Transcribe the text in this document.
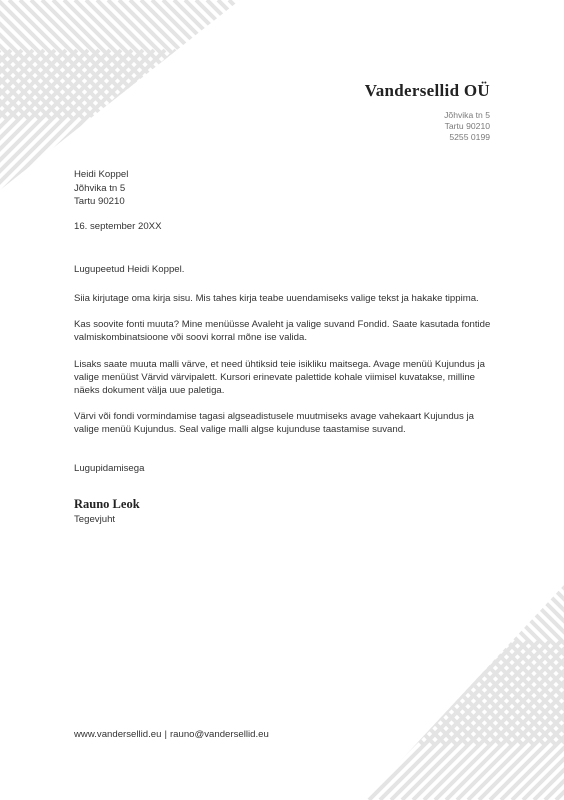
Vandersellid OÜ
Jõhvika tn 5
Tartu 90210
5255 0199
Heidi Koppel
Jõhvika tn 5
Tartu 90210
16. september 20XX
Lugupeetud Heidi Koppel.

Siia kirjutage oma kirja sisu. Mis tahes kirja teabe uuendamiseks valige tekst ja hakake tippima.

Kas soovite fonti muuta? Mine menüüsse Avaleht ja valige suvand Fondid. Saate kasutada fontide valmiskombinatsioone või soovi korral mõne ise valida.

Lisaks saate muuta malli värve, et need ühtiksid teie isikliku maitsega. Avage menüü Kujundus ja valige menüüst Värvid värvipalett. Kursori erinevate palettide kohale viimisel kuvatakse, milline näeks dokument välja uue paletiga.

Värvi või fondi vormindamise tagasi algseadistusele muutmiseks avage vahekaart Kujundus ja valige menüü Kujundus. Seal valige malli algse kujunduse taastamise suvand.

Lugupidamisega
Rauno Leok
Tegevjuht
www.vandersellid.eu | rauno@vandersellid.eu
